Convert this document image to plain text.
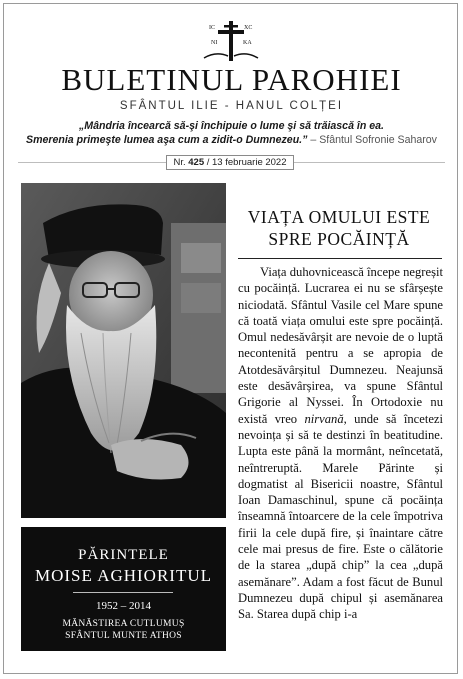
IC	XC
NI	KA
BULETINUL PAROHIEI
SFÂNTUL ILIE - HANUL COLȚEI
„Mândria încearcă să-şi închipuie o lume şi să trăiască în ea.
Smerenia primeşte lumea aşa cum a zidit-o Dumnezeu.” – Sfântul Sofronie Saharov
Nr. 425 / 13 februarie 2022
PĂRINTELE
MOISE AGHIORITUL
1952 – 2014
MĂNĂSTIREA CUTLUMUȘ
SFÂNTUL MUNTE ATHOS
VIAȚA OMULUI ESTE
SPRE POCĂINȚĂ

Viața duhovnicească începe negreșit cu pocăință. Lucrarea ei nu se sfârșește niciodată. Sfântul Vasile cel Mare spune că toată viața omului este spre pocăință. Omul nedesăvârșit are nevoie de o luptă necontenită pentru a se apropia de Atotdesăvârșitul Dumnezeu. Neajunsă este desăvârșirea, va spune Sfântul Grigorie al Nyssei. În Ortodoxie nu există vreo nirvană, unde să încetezi nevoința și să te destinzi în beatitudine. Lupta este până la mormânt, neîncetată, neîntreruptă. Marele Părinte și dogmatist al Bisericii noastre, Sfântul Ioan Damaschinul, spune că pocăința înseamnă întoarcere de la cele împotriva firii la cele după fire, și înaintare către cele mai presus de fire. Este o călătorie de la starea „după chip” la cea „după asemănare”. Adam a fost făcut de Bunul Dumnezeu după chipul și asemănarea Sa. Starea după chip i-a
